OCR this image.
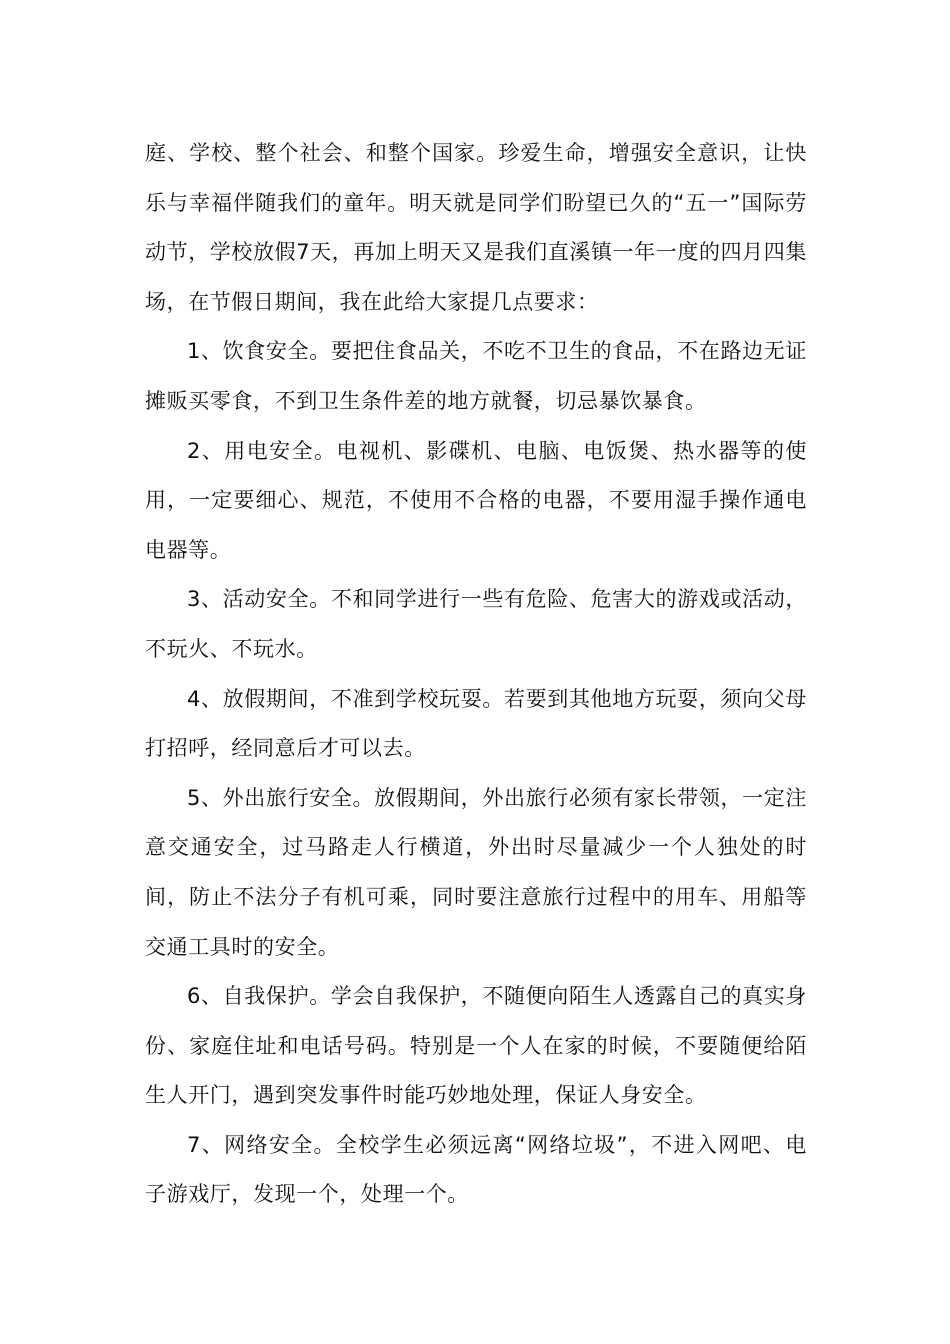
庭、学校、整个社会、和整个国家。珍爱生命，增强安全意识，让快乐与幸福伴随我们的童年。明天就是同学们盼望已久的“五一”国际劳动节，学校放假7天，再加上明天又是我们直溪镇一年一度的四月四集场，在节假日期间，我在此给大家提几点要求：

1、饮食安全。要把住食品关，不吃不卫生的食品，不在路边无证摊贩买零食，不到卫生条件差的地方就餐，切忌暴饮暴食。

2、用电安全。电视机、影碟机、电脑、电饭煲、热水器等的使用，一定要细心、规范，不使用不合格的电器，不要用湿手操作通电电器等。

3、活动安全。不和同学进行一些有危险、危害大的游戏或活动，不玩火、不玩水。

4、放假期间，不准到学校玩耍。若要到其他地方玩耍，须向父母打招呼，经同意后才可以去。

5、外出旅行安全。放假期间，外出旅行必须有家长带领，一定注意交通安全，过马路走人行横道，外出时尽量减少一个人独处的时间，防止不法分子有机可乘，同时要注意旅行过程中的用车、用船等交通工具时的安全。

6、自我保护。学会自我保护，不随便向陌生人透露自己的真实身份、家庭住址和电话号码。特别是一个人在家的时候，不要随便给陌生人开门，遇到突发事件时能巧妙地处理，保证人身安全。

7、网络安全。全校学生必须远离“网络垃圾”，不进入网吧、电子游戏厅，发现一个，处理一个。
